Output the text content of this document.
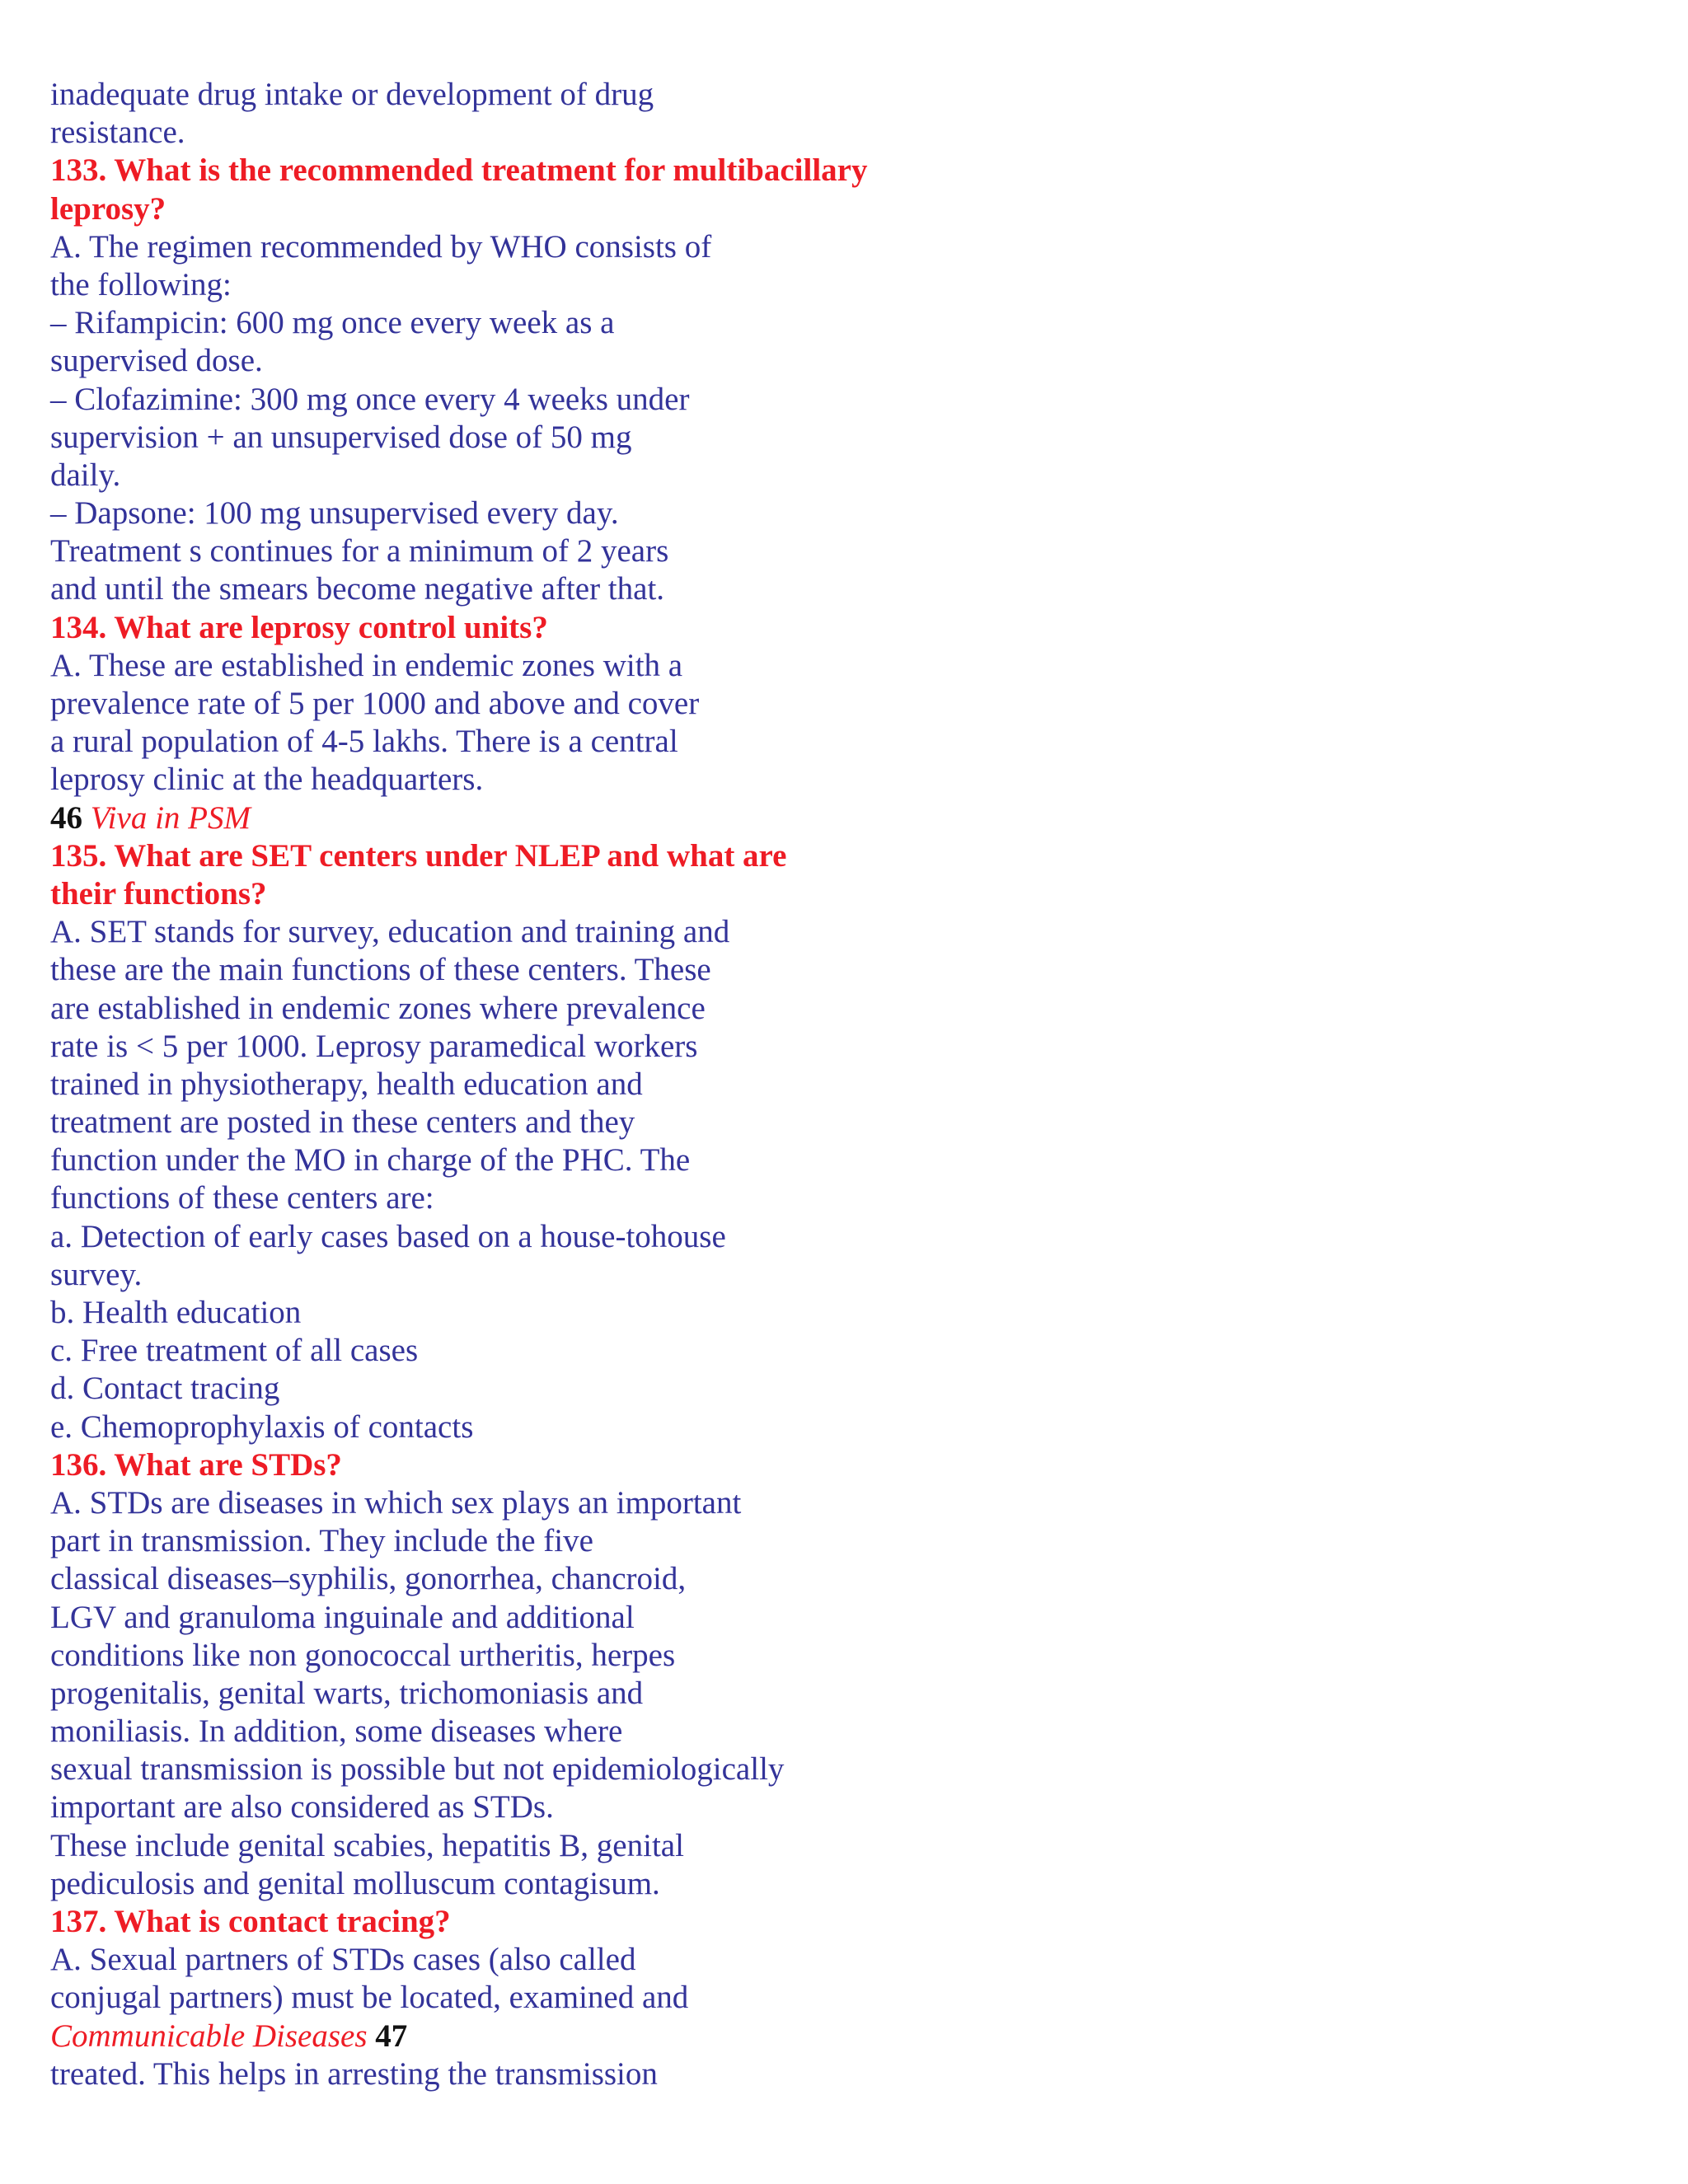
inadequate drug intake or development of drug
resistance.
133. What is the recommended treatment for multibacillary
leprosy?
A. The regimen recommended by WHO consists of
the following:
– Rifampicin: 600 mg once every week as a
supervised dose.
– Clofazimine: 300 mg once every 4 weeks under
supervision + an unsupervised dose of 50 mg
daily.
– Dapsone: 100 mg unsupervised every day.
Treatment s continues for a minimum of 2 years
and until the smears become negative after that.
134. What are leprosy control units?
A. These are established in endemic zones with a
prevalence rate of 5 per 1000 and above and cover
a rural population of 4-5 lakhs. There is a central
leprosy clinic at the headquarters.
46 Viva in PSM
135. What are SET centers under NLEP and what are
their functions?
A. SET stands for survey, education and training and
these are the main functions of these centers. These
are established in endemic zones where prevalence
rate is < 5 per 1000. Leprosy paramedical workers
trained in physiotherapy, health education and
treatment are posted in these centers and they
function under the MO in charge of the PHC. The
functions of these centers are:
a. Detection of early cases based on a house-tohouse
survey.
b. Health education
c. Free treatment of all cases
d. Contact tracing
e. Chemoprophylaxis of contacts
136. What are STDs?
A. STDs are diseases in which sex plays an important
part in transmission. They include the five
classical diseases–syphilis, gonorrhea, chancroid,
LGV and granuloma inguinale and additional
conditions like non gonococcal urtheritis, herpes
progenitalis, genital warts, trichomoniasis and
moniliasis. In addition, some diseases where
sexual transmission is possible but not epidemiologically
important are also considered as STDs.
These include genital scabies, hepatitis B, genital
pediculosis and genital molluscum contagisum.
137. What is contact tracing?
A. Sexual partners of STDs cases (also called
conjugal partners) must be located, examined and
Communicable Diseases 47
treated. This helps in arresting the transmission
